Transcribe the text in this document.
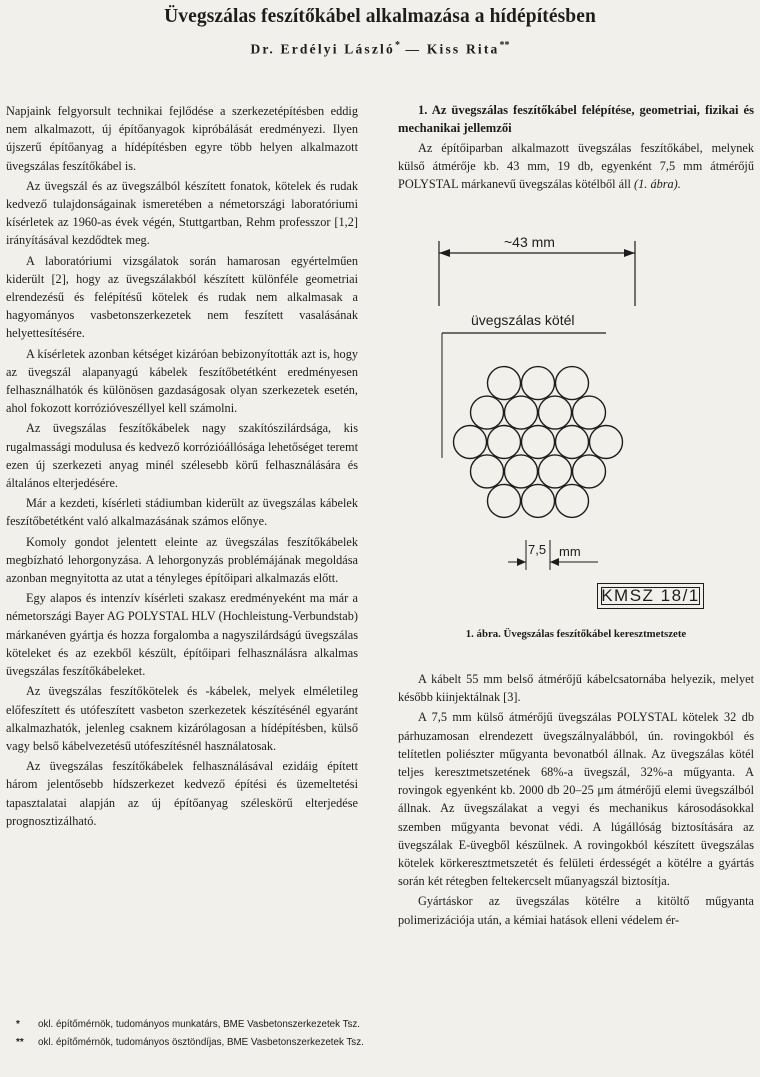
Üvegszálas feszítőkábel alkalmazása a hídépítésben
Dr. Erdélyi László* — Kiss Rita**

Napjaink felgyorsult technikai fejlődése a szerkezetépítésben eddig nem alkalmazott, új építőanyagok kipróbálását eredményezi. Ilyen újszerű építőanyag a hídépítésben egyre több helyen alkalmazott üvegszálas feszítőkábel is.

Az üvegszál és az üvegszálból készített fonatok, kötelek és rudak kedvező tulajdonságainak ismeretében a németországi laboratóriumi kísérletek az 1960-as évek végén, Stuttgartban, Rehm professzor [1,2] irányításával kezdődtek meg.

A laboratóriumi vizsgálatok során hamarosan egyértelműen kiderült [2], hogy az üvegszálakból készített különféle geometriai elrendezésű és felépítésű kötelek és rudak nem alkalmasak a hagyományos vasbetonszerkezetek nem feszített vasalásának helyettesítésére.

A kísérletek azonban kétséget kizáróan bebizonyították azt is, hogy az üvegszál alapanyagú kábelek feszítőbetétként eredményesen felhasználhatók és különösen gazdaságosak olyan szerkezetek esetén, ahol fokozott korrózióveszéllyel kell számolni.

Az üvegszálas feszítőkábelek nagy szakítószilárdsága, kis rugalmassági modulusa és kedvező korrózióállósága lehetőséget teremt ezen új szerkezeti anyag minél szélesebb körű felhasználására és általános elterjedésére.

Már a kezdeti, kísérleti stádiumban kiderült az üvegszálas kábelek feszítőbetétként való alkalmazásának számos előnye.

Komoly gondot jelentett eleinte az üvegszálas feszítőkábelek megbízható lehorgonyzása. A lehorgonyzás problémájának megoldása azonban megnyitotta az utat a tényleges építőipari alkalmazás előtt.

Egy alapos és intenzív kísérleti szakasz eredményeként ma már a németországi Bayer AG POLYSTAL HLV (Hochleistung-Verbundstab) márkanéven gyártja és hozza forgalomba a nagyszilárdságú üvegszálas köteleket és az ezekből készült, építőipari felhasználásra alkalmas üvegszálas feszítőkábeleket.

Az üvegszálas feszítőkötelek és -kábelek, melyek elméletileg előfeszített és utófeszített vasbeton szerkezetek készítésénél egyaránt alkalmazhatók, jelenleg csaknem kizárólagosan a hídépítésben, külső vagy belső kábelvezetésű utófeszítésnél használatosak.

Az üvegszálas feszítőkábelek felhasználásával ezidáig épített három jelentősebb hídszerkezet kedvező építési és üzemeltetési tapasztalatai alapján az új építőanyag széleskörű elterjedése prognosztizálható.

1. Az üvegszálas feszítőkábel felépítése, geometriai, fizikai és mechanikai jellemzői

Az építőiparban alkalmazott üvegszálas feszítőkábel, melynek külső átmérője kb. 43 mm, 19 db, egyenként 7,5 mm átmérőjű POLYSTAL márkanevű üvegszálas kötélből áll (1. ábra).

~43 mm
üvegszálas kötél
7,5 mm
KMSZ 18/1
1. ábra. Üvegszálas feszítőkábel keresztmetszete

A kábelt 55 mm belső átmérőjű kábelcsatornába helyezik, melyet később kiinjektálnak [3].

A 7,5 mm külső átmérőjű üvegszálas POLYSTAL kötelek 32 db párhuzamosan elrendezett üvegszálnyalábból, ún. rovingokból és telítetlen poliészter műgyanta bevonatból állnak. Az üvegszálas kötél teljes keresztmetszetének 68%-a üvegszál, 32%-a műgyanta. A rovingok egyenként kb. 2000 db 20–25 μm átmérőjű elemi üvegszálból állnak. Az üvegszálakat a vegyi és mechanikus károsodásokkal szemben műgyanta bevonat védi. A lúgállóság biztosítására az üvegszálak E-üvegből készülnek. A rovingokból készített üvegszálas kötelek körkeresztmetszetét és felületi érdességét a kötélre a gyártás során két rétegben feltekercselt műanyagszál biztosítja.

Gyártáskor az üvegszálas kötélre a kitöltő műgyanta polimerizációja után, a kémiai hatások elleni védelem ér-

*	okl. építőmérnök, tudományos munkatárs, BME Vasbetonszerkezetek Tsz.
**	okl. építőmérnök, tudományos ösztöndíjas, BME Vasbetonszerkezetek Tsz.
